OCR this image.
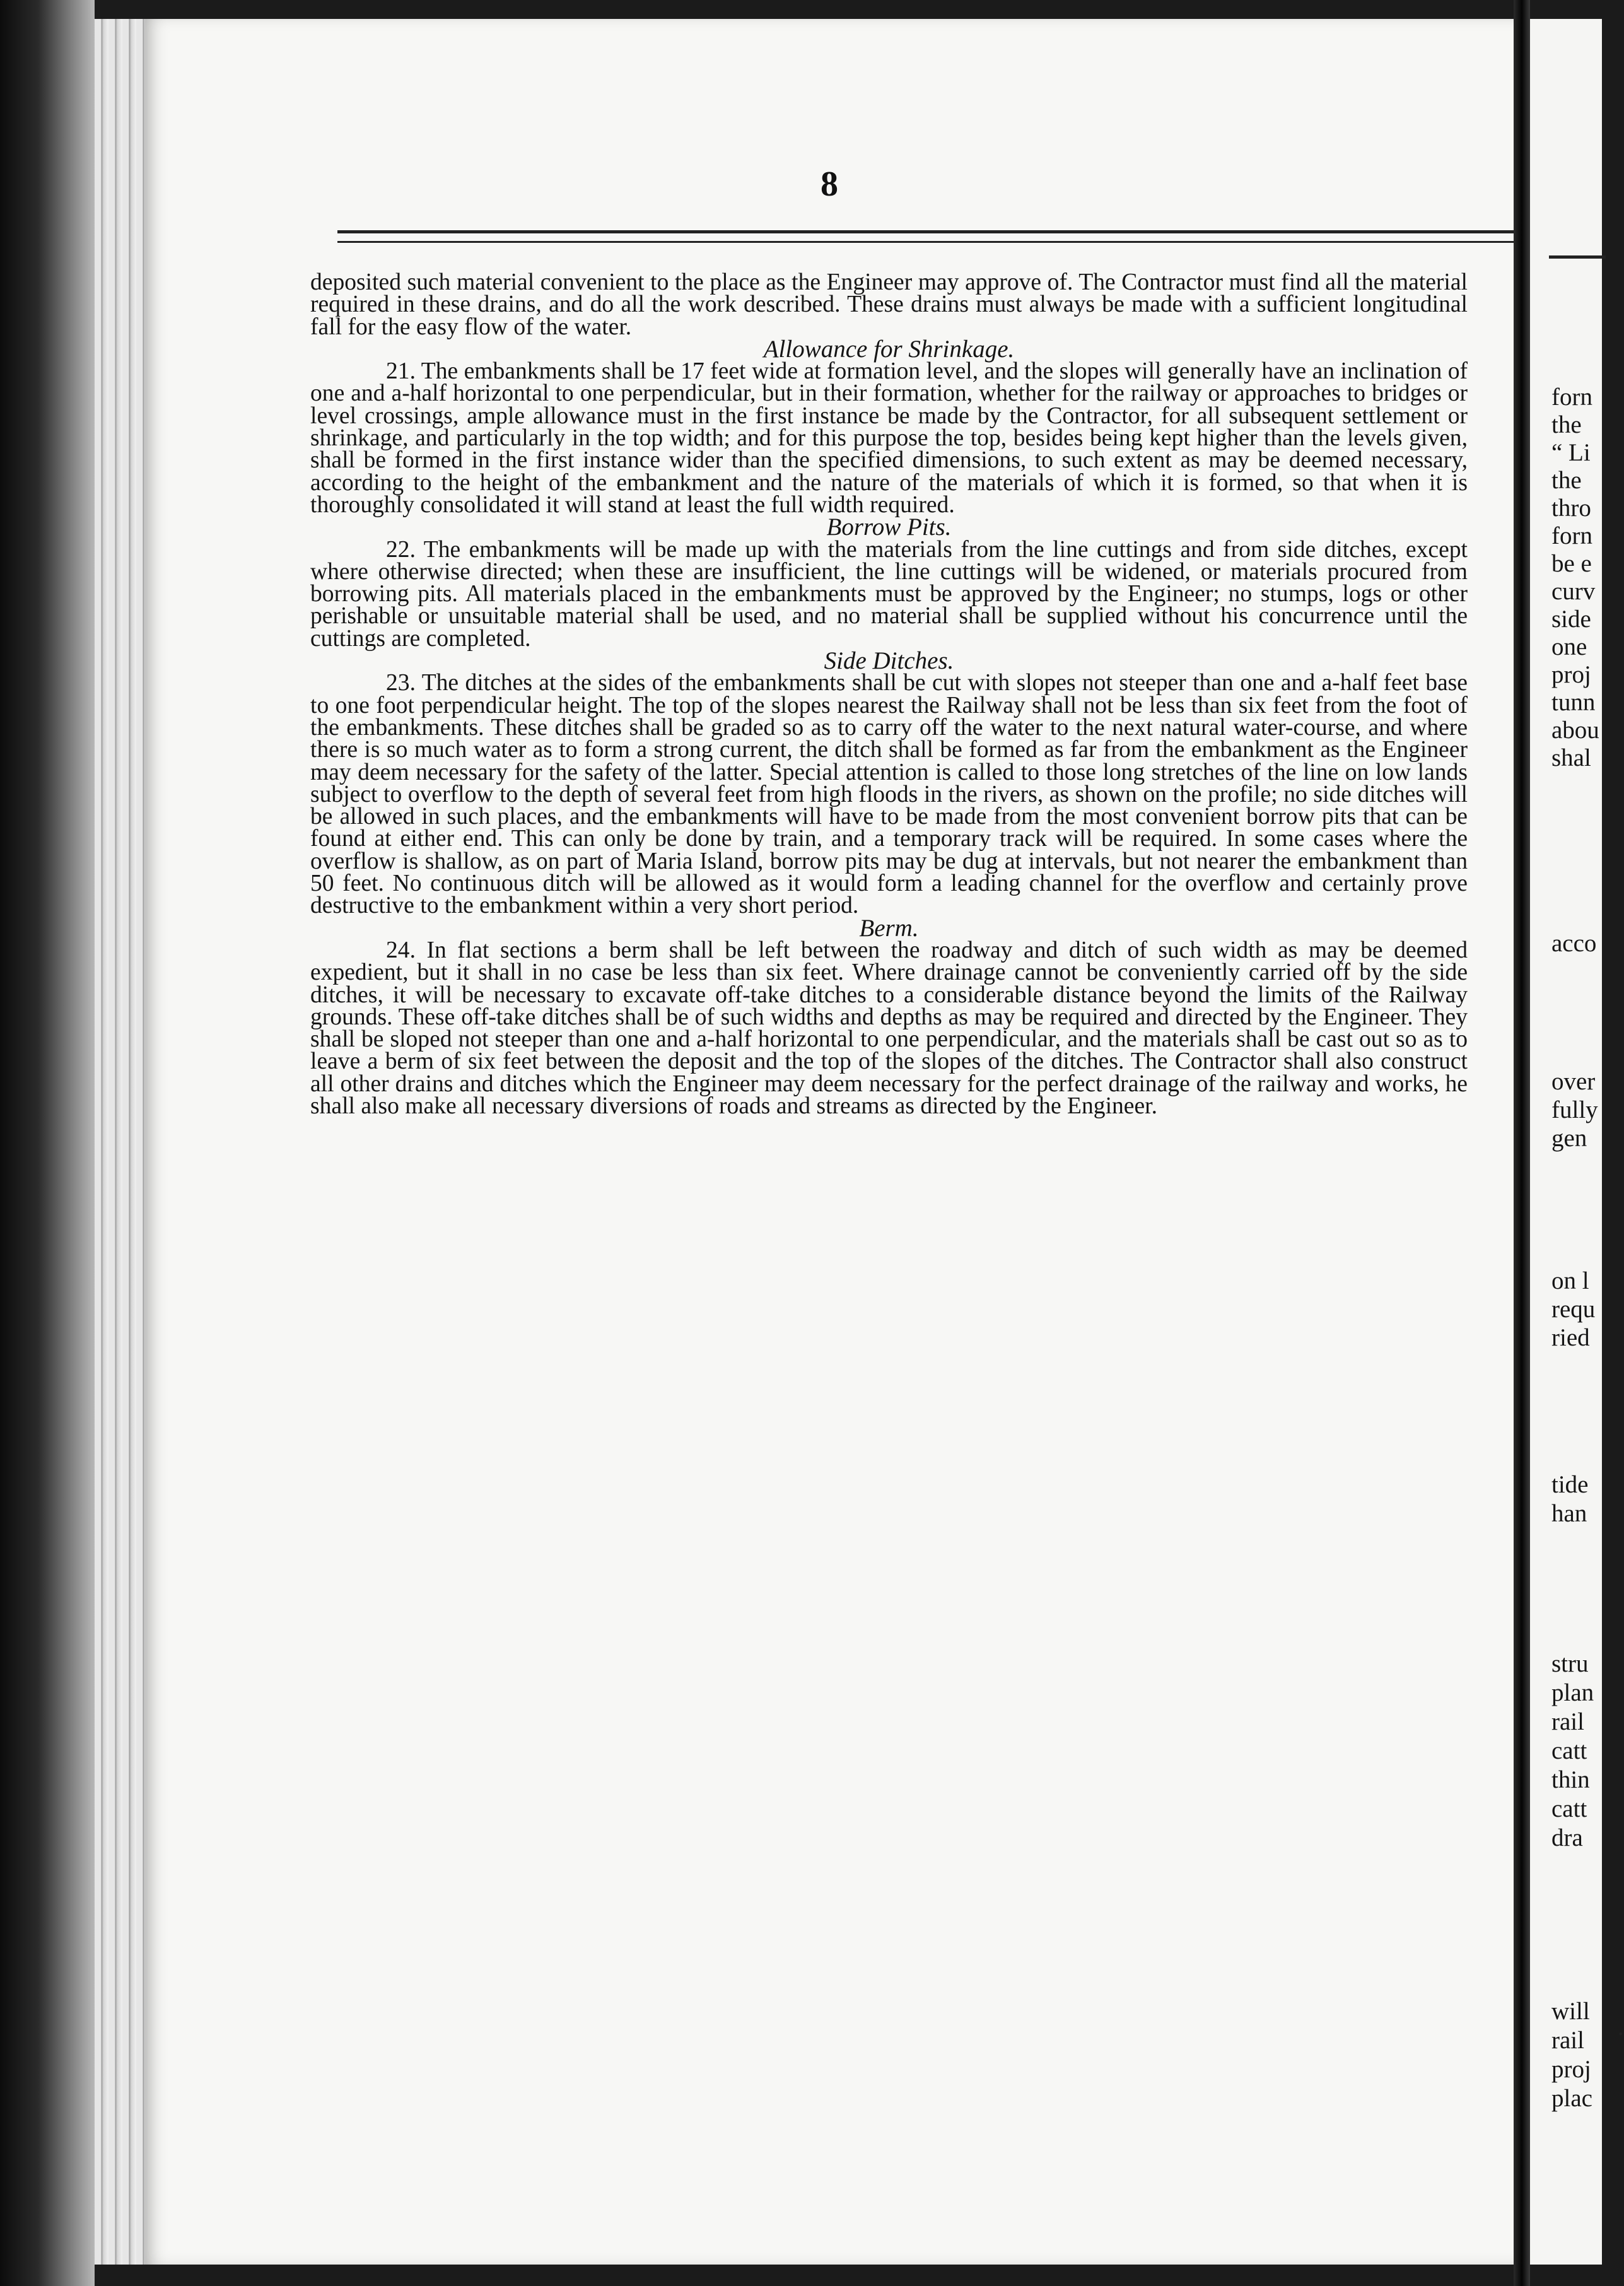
8

deposited such material convenient to the place as the Engineer may approve of. The Contractor must find all the material required in these drains, and do all the work described. These drains must always be made with a sufficient longitudinal fall for the easy flow of the water.

Allowance for Shrinkage.

21. The embankments shall be 17 feet wide at formation level, and the slopes will generally have an inclination of one and a-half horizontal to one perpendicular, but in their formation, whether for the railway or approaches to bridges or level crossings, ample allowance must in the first instance be made by the Contractor, for all subsequent settlement or shrinkage, and particularly in the top width; and for this purpose the top, besides being kept higher than the levels given, shall be formed in the first instance wider than the specified dimensions, to such extent as may be deemed necessary, according to the height of the embankment and the nature of the materials of which it is formed, so that when it is thoroughly consolidated it will stand at least the full width required.

Borrow Pits.

22. The embankments will be made up with the materials from the line cuttings and from side ditches, except where otherwise directed; when these are insufficient, the line cuttings will be widened, or materials procured from borrowing pits. All materials placed in the embankments must be approved by the Engineer; no stumps, logs or other perishable or unsuitable material shall be used, and no material shall be supplied without his concurrence until the cuttings are completed.

Side Ditches.

23. The ditches at the sides of the embankments shall be cut with slopes not steeper than one and a-half feet base to one foot perpendicular height. The top of the slopes nearest the Railway shall not be less than six feet from the foot of the embankments. These ditches shall be graded so as to carry off the water to the next natural water-course, and where there is so much water as to form a strong current, the ditch shall be formed as far from the embankment as the Engineer may deem necessary for the safety of the latter. Special attention is called to those long stretches of the line on low lands subject to overflow to the depth of several feet from high floods in the rivers, as shown on the profile; no side ditches will be allowed in such places, and the embankments will have to be made from the most convenient borrow pits that can be found at either end. This can only be done by train, and a temporary track will be required. In some cases where the overflow is shallow, as on part of Maria Island, borrow pits may be dug at intervals, but not nearer the embankment than 50 feet. No continuous ditch will be allowed as it would form a leading channel for the overflow and certainly prove destructive to the embankment within a very short period.

Berm.

24. In flat sections a berm shall be left between the roadway and ditch of such width as may be deemed expedient, but it shall in no case be less than six feet. Where drainage cannot be conveniently carried off by the side ditches, it will be necessary to excavate off-take ditches to a considerable distance beyond the limits of the Railway grounds. These off-take ditches shall be of such widths and depths as may be required and directed by the Engineer. They shall be sloped not steeper than one and a-half horizontal to one perpendicular, and the materials shall be cast out so as to leave a berm of six feet between the deposit and the top of the slopes of the ditches. The Contractor shall also construct all other drains and ditches which the Engineer may deem necessary for the perfect drainage of the railway and works, he shall also make all necessary diversions of roads and streams as directed by the Engineer.

.
forn
the
“ Li
the
thro
forn
be e
curv
side
one
proj
tunn
abou
shal
acco
over
fully
gen
on l
requ
ried
tide
han
stru
plan
rail
catt
thin
catt
dra
will
rail
proj
plac
